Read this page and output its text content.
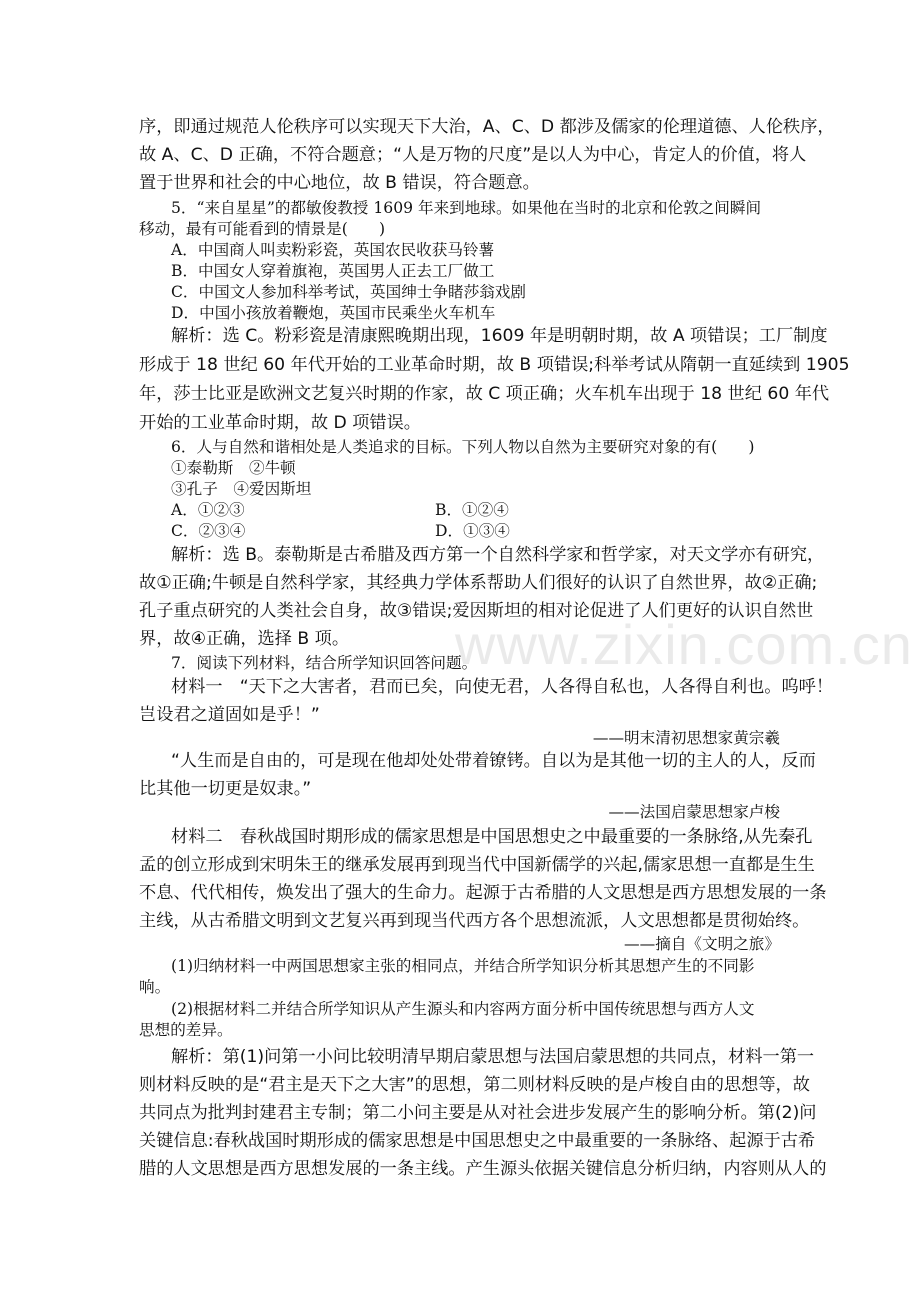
www.zixin.com.cn
序，即通过规范人伦秩序可以实现天下大治，A、C、D 都涉及儒家的伦理道德、人伦秩序，
故 A、C、D 正确，不符合题意；“人是万物的尺度”是以人为中心，肯定人的价值，将人
置于世界和社会的中心地位，故 B 错误，符合题意。
5．“来自星星”的都敏俊教授 1609 年来到地球。如果他在当时的北京和伦敦之间瞬间
移动，最有可能看到的情景是(　　)
A．中国商人叫卖粉彩瓷，英国农民收获马铃薯
B．中国女人穿着旗袍，英国男人正去工厂做工
C．中国文人参加科举考试，英国绅士争睹莎翁戏剧
D．中国小孩放着鞭炮，英国市民乘坐火车机车
解析：选 C。粉彩瓷是清康熙晚期出现，1609 年是明朝时期，故 A 项错误；工厂制度
形成于 18 世纪 60 年代开始的工业革命时期，故 B 项错误;科举考试从隋朝一直延续到 1905
年，莎士比亚是欧洲文艺复兴时期的作家，故 C 项正确；火车机车出现于 18 世纪 60 年代
开始的工业革命时期，故 D 项错误。
6．人与自然和谐相处是人类追求的目标。下列人物以自然为主要研究对象的有(　　)
①泰勒斯　②牛顿
③孔子　④爱因斯坦
A．①②③	B．①②④
C．②③④	D．①③④
解析：选 B。泰勒斯是古希腊及西方第一个自然科学家和哲学家，对天文学亦有研究，
故①正确;牛顿是自然科学家，其经典力学体系帮助人们很好的认识了自然世界，故②正确;
孔子重点研究的人类社会自身，故③错误;爱因斯坦的相对论促进了人们更好的认识自然世
界，故④正确，选择 B 项。
7．阅读下列材料，结合所学知识回答问题。
材料一　“天下之大害者，君而已矣，向使无君，人各得自私也，人各得自利也。呜呼！
岂设君之道固如是乎！”
——明末清初思想家黄宗羲
“人生而是自由的，可是现在他却处处带着镣铐。自以为是其他一切的主人的人，反而
比其他一切更是奴隶。”
——法国启蒙思想家卢梭
材料二　春秋战国时期形成的儒家思想是中国思想史之中最重要的一条脉络,从先秦孔
孟的创立形成到宋明朱王的继承发展再到现当代中国新儒学的兴起,儒家思想一直都是生生
不息、代代相传，焕发出了强大的生命力。起源于古希腊的人文思想是西方思想发展的一条
主线，从古希腊文明到文艺复兴再到现当代西方各个思想流派，人文思想都是贯彻始终。
——摘自《文明之旅》
(1)归纳材料一中两国思想家主张的相同点，并结合所学知识分析其思想产生的不同影
响。
(2)根据材料二并结合所学知识从产生源头和内容两方面分析中国传统思想与西方人文
思想的差异。
解析：第(1)问第一小问比较明清早期启蒙思想与法国启蒙思想的共同点，材料一第一
则材料反映的是“君主是天下之大害”的思想，第二则材料反映的是卢梭自由的思想等，故
共同点为批判封建君主专制；第二小问主要是从对社会进步发展产生的影响分析。第(2)问
关键信息:春秋战国时期形成的儒家思想是中国思想史之中最重要的一条脉络、起源于古希
腊的人文思想是西方思想发展的一条主线。产生源头依据关键信息分析归纳，内容则从人的
